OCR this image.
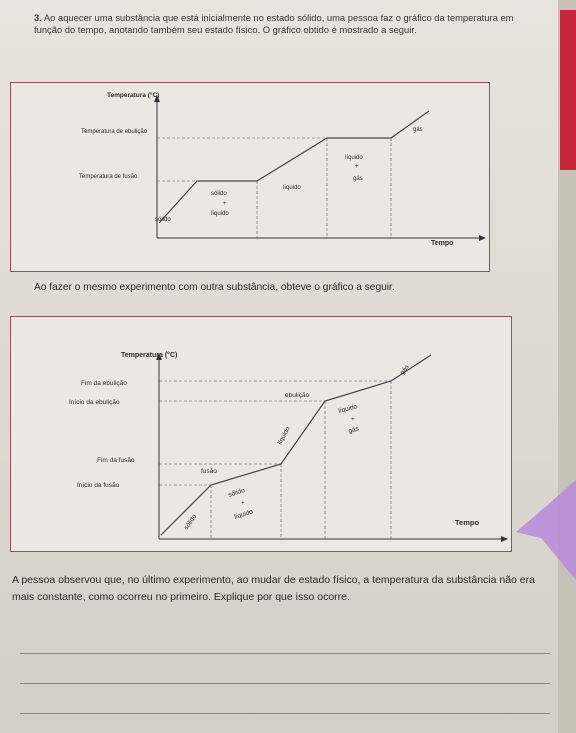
3. Ao aquecer uma substância que está inicialmente no estado sólido, uma pessoa faz o gráfico da temperatura em função do tempo, anotando também seu estado físico. O gráfico obtido é mostrado a seguir.
Temperatura (°C)
Tempo
Temperatura de ebulição
Temperatura de fusão
sólido
sólido
+
líquido
líquido
líquido
+
gás
gás
Ao fazer o mesmo experimento com outra substância, obteve o gráfico a seguir.
Temperatura (°C)
Tempo
Fim da ebulição
Início da ebulição
Fim da fusão
Início da fusão
sólido
fusão
sólido
+
líquido
líquido
ebulição
líquido
+
gás
gás
A pessoa observou que, no último experimento, ao mudar de estado físico, a temperatura da substância não era mais constante, como ocorreu no primeiro. Explique por que isso ocorre.
